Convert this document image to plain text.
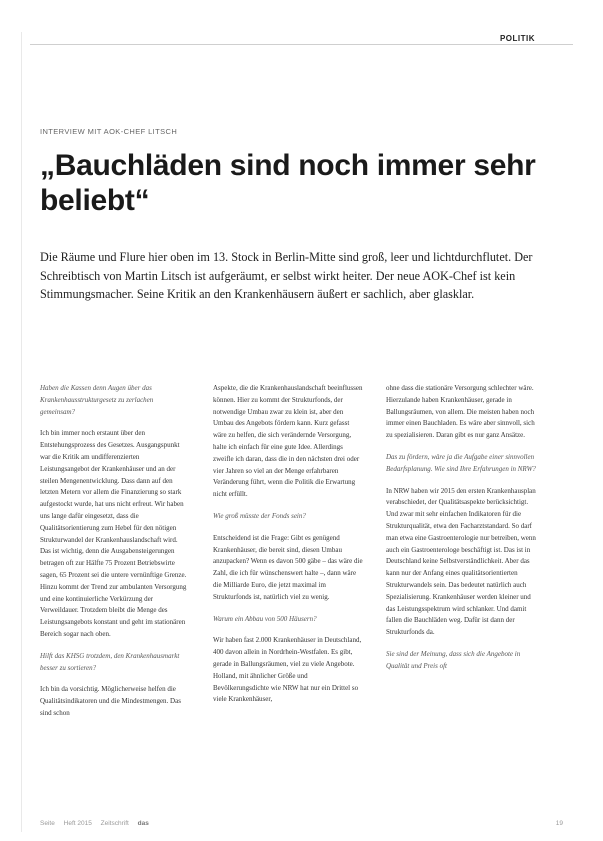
POLITIK
INTERVIEW MIT AOK-CHEF LITSCH
„Bauchläden sind noch immer sehr beliebt“

Die Räume und Flure hier oben im 13. Stock in Berlin-Mitte sind groß, leer und lichtdurchflutet. Der Schreibtisch von Martin Litsch ist aufgeräumt, er selbst wirkt heiter. Der neue AOK-Chef ist kein Stimmungsmacher. Seine Kritik an den Krankenhäusern äußert er sachlich, aber glasklar.

Haben die Kassen denn Augen über das Krankenhausstrukturgesetz zu zerlachen gemeinsam?

Ich bin immer noch erstaunt über den Entstehungsprozess des Gesetzes. Ausgangspunkt war die Kritik am undifferenzierten Leistungsangebot der Krankenhäuser und an der steilen Mengenentwicklung. Dass dann auf den letzten Metern vor allem die Finanzierung so stark aufgestockt wurde, hat uns nicht erfreut. Wir haben uns lange dafür eingesetzt, dass die Qualitätsorientierung zum Hebel für den nötigen Strukturwandel der Krankenhauslandschaft wird. Das ist wichtig, denn die Ausgabensteigerungen betragen oft zur Hälfte 75 Prozent Betriebswirte sagen, 65 Prozent sei die untere vernünftige Grenze. Hinzu kommt der Trend zur ambulanten Versorgung und eine kontinuierliche Verkürzung der Verweildauer. Trotzdem bleibt die Menge des Leistungsangebots konstant und geht im stationären Bereich sogar nach oben.

Hilft das KHSG trotzdem, den Krankenhausmarkt besser zu sortieren?

Ich bin da vorsichtig. Möglicherweise helfen die Qualitätsindikatoren und die Mindestmengen. Das sind schon

Aspekte, die die Krankenhauslandschaft beeinflussen können. Hier zu kommt der Strukturfonds, der notwendige Umbau zwar zu klein ist, aber den Umbau des Angebots fördern kann. Kurz gefasst wäre zu helfen, die sich verändernde Versorgung, halte ich einfach für eine gute Idee. Allerdings zweifle ich daran, dass die in den nächsten drei oder vier Jahren so viel an der Menge erfahrbaren Veränderung führt, wenn die Politik die Erwartung nicht erfüllt.

Wie groß müsste der Fonds sein?

Entscheidend ist die Frage: Gibt es genügend Krankenhäuser, die bereit sind, diesen Umbau anzupacken? Wenn es davon 500 gäbe – das wäre die Zahl, die ich für wünschenswert halte –, dann wäre die Milliarde Euro, die jetzt maximal im Strukturfonds ist, natürlich viel zu wenig.

Warum ein Abbau von 500 Häusern?

Wir haben fast 2.000 Krankenhäuser in Deutschland, 400 davon allein in Nordrhein-Westfalen. Es gibt, gerade in Ballungsräumen, viel zu viele Angebote. Holland, mit ähnlicher Größe und Bevölkerungsdichte wie NRW hat nur ein Drittel so viele Krankenhäuser,

ohne dass die stationäre Versorgung schlechter wäre. Hierzulande haben Krankenhäuser, gerade in Ballungsräumen, von allem. Die meisten haben noch immer einen Bauchladen. Es wäre aber sinnvoll, sich zu spezialisieren. Daran gibt es nur ganz Ansätze.

Das zu fördern, wäre ja die Aufgabe einer sinnvollen Bedarfsplanung. Wie sind Ihre Erfahrungen in NRW?

In NRW haben wir 2015 den ersten Krankenhausplan verabschiedet, der Qualitätsaspekte berücksichtigt. Und zwar mit sehr einfachen Indikatoren für die Strukturqualität, etwa den Facharztstandard. So darf man etwa eine Gastroenterologie nur betreiben, wenn auch ein Gastroenterologe beschäftigt ist. Das ist in Deutschland keine Selbstverständlichkeit. Aber das kann nur der Anfang eines qualitätsorientierten Strukturwandels sein. Das bedeutet natürlich auch Spezialisierung. Krankenhäuser werden kleiner und das Leistungsspektrum wird schlanker. Und damit fallen die Bauchläden weg. Dafür ist dann der Strukturfonds da.

Sie sind der Meinung, dass sich die Angebote in Qualität und Preis oft

Seite Heft 2015 Zeitschrift das	19
